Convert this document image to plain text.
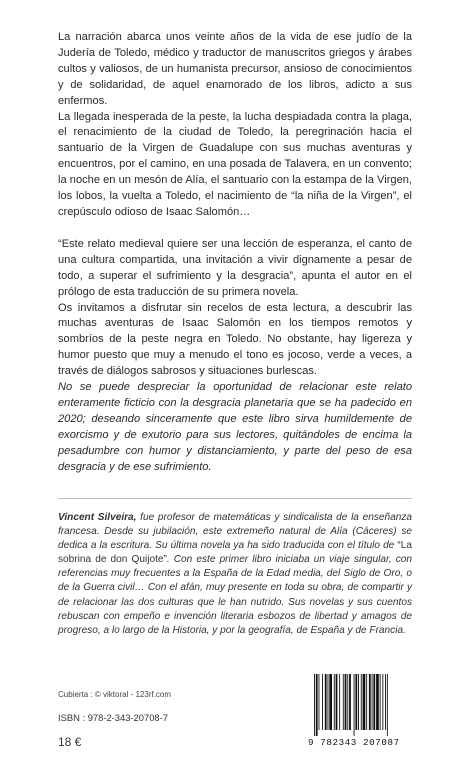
La narración abarca unos veinte años de la vida de ese judío de la Judería de Toledo, médico y traductor de manuscritos griegos y árabes cultos y valiosos, de un humanista precursor, ansioso de conocimientos y de solidaridad, de aquel enamorado de los libros, adicto a sus enfermos.

La llegada inesperada de la peste, la lucha despiadada contra la plaga, el renacimiento de la ciudad de Toledo, la peregrinación hacia el santuario de la Virgen de Guadalupe con sus muchas aventuras y encuentros, por el camino, en una posada de Talavera, en un convento; la noche en un mesón de Alía, el santuario con la estampa de la Virgen, los lobos, la vuelta a Toledo, el nacimiento de “la niña de la Virgen”, el crepúsculo odioso de Isaac Salomón…

“Este relato medieval quiere ser una lección de esperanza, el canto de una cultura compartida, una invitación a vivir dignamente a pesar de todo, a superar el sufrimiento y la desgracia”, apunta el autor en el prólogo de esta traducción de su primera novela.

Os invitamos a disfrutar sin recelos de esta lectura, a descubrir las muchas aventuras de Isaac Salomón en los tiempos remotos y sombríos de la peste negra en Toledo. No obstante, hay ligereza y humor puesto que muy a menudo el tono es jocoso, verde a veces, a través de diálogos sabrosos y situaciones burlescas.

No se puede despreciar la oportunidad de relacionar este relato enteramente ficticio con la desgracia planetaria que se ha padecido en 2020; deseando sinceramente que este libro sirva humildemente de exorcismo y de exutorio para sus lectores, quitándoles de encima la pesadumbre con humor y distanciamiento, y parte del peso de esa desgracia y de ese sufrimiento.

Vincent Silveira, fue profesor de matemáticas y sindicalista de la enseñanza francesa. Desde su jubilación, este extremeño natural de Alía (Cáceres) se dedica a la escritura. Su última novela ya ha sido traducida con el título de “La sobrina de don Quijote”. Con este primer libro iniciaba un viaje singular, con referencias muy frecuentes a la España de la Edad media, del Siglo de Oro, o de la Guerra civil… Con el afán, muy presente en toda su obra, de compartir y de relacionar las dos culturas que le han nutrido. Sus novelas y sus cuentos rebuscan con empeño e invención literaria esbozos de libertad y amagos de progreso, a lo largo de la Historia, y por la geografía, de España y de Francia.

Cubierta : © viktoral - 123rf.com
ISBN : 978-2-343-20708-7
18 €	9 782343 207087
